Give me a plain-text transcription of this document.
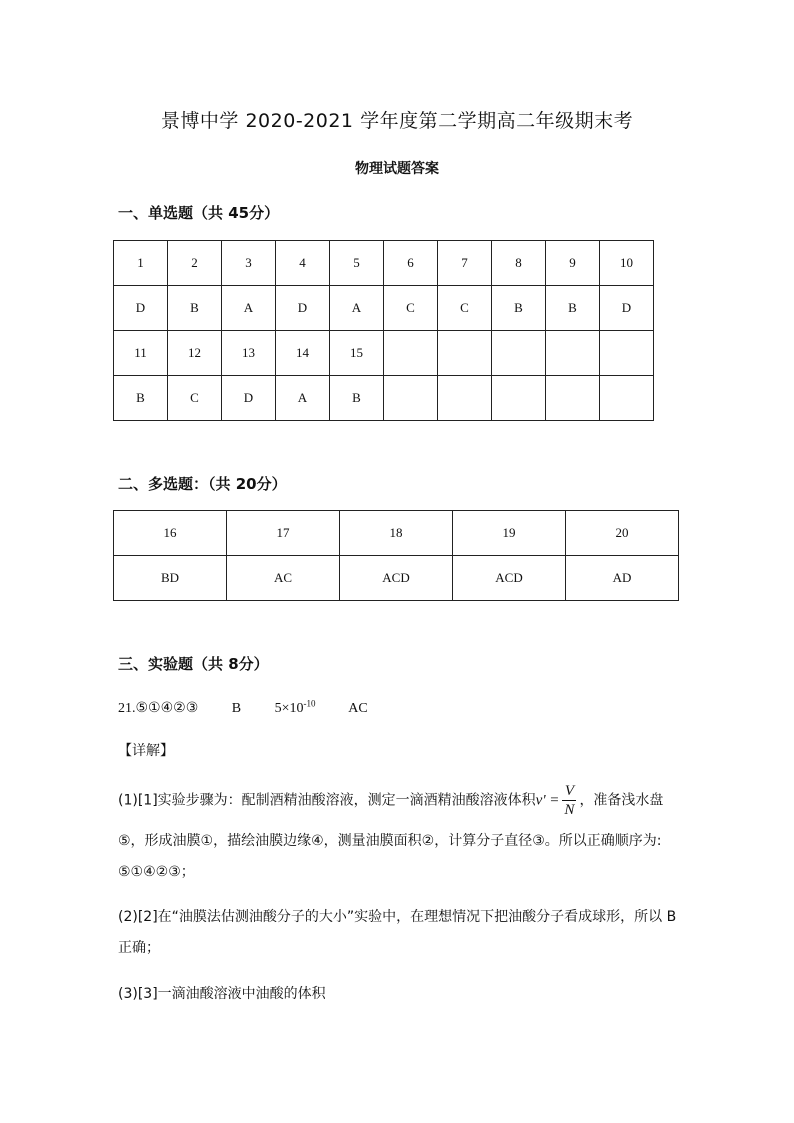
景博中学 2020-2021 学年度第二学期高二年级期末考
物理试题答案
一、单选题（共 45分）
1	2	3	4	5	6	7	8	9	10
D	B	A	D	A	C	C	B	B	D
11	12	13	14	15					
B	C	D	A	B					
二、多选题：（共 20分）
16	17	18	19	20
BD	AC	ACD	ACD	AD
三、实验题（共 8分）
21.⑤①④②③ B $5\times 10^{-10}$ AC
【详解】
(1)[1]实验步骤为：配制酒精油酸溶液，测定一滴酒精油酸溶液体积$v' = \frac{V}{N}$ ，准备浅水盘
⑤，形成油膜①，描绘油膜边缘④，测量油膜面积②，计算分子直径③。所以正确顺序为:
⑤①④②③；
(2)[2]在“油膜法估测油酸分子的大小”实验中，在理想情况下把油酸分子看成球形，所以 B
正确；
(3)[3]一滴油酸溶液中油酸的体积
